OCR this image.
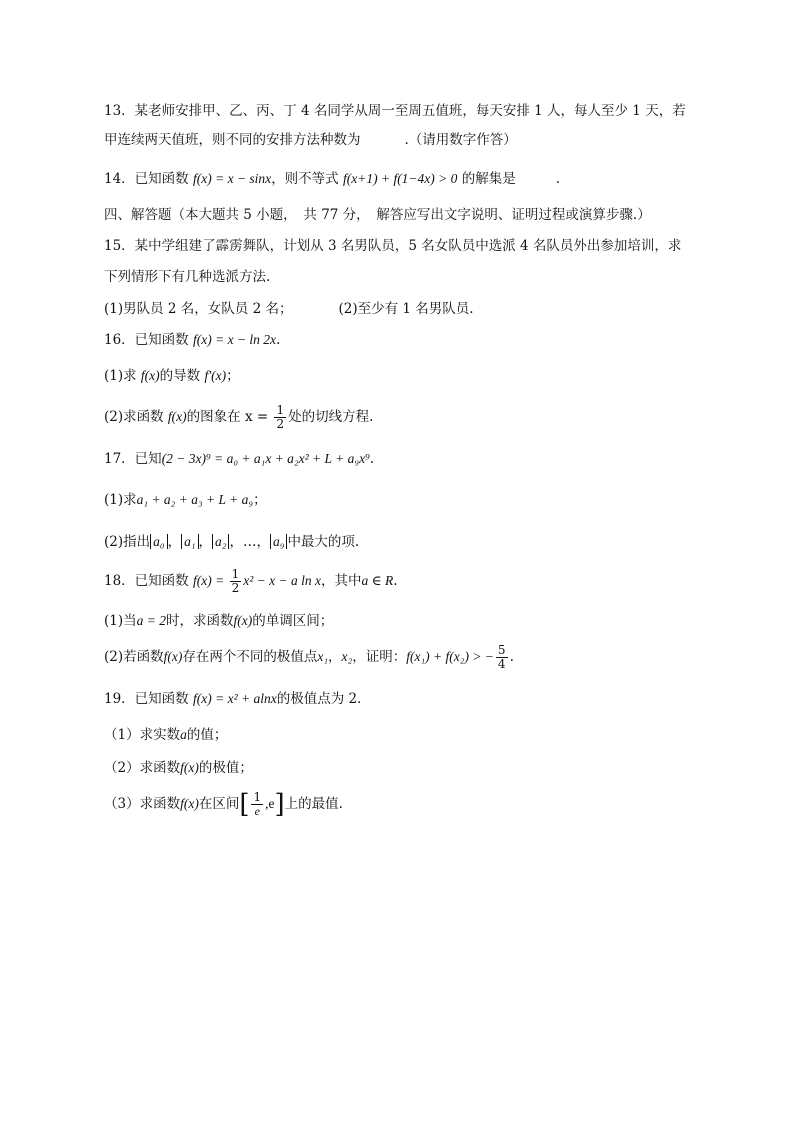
13．某老师安排甲、乙、丙、丁 4 名同学从周一至周五值班，每天安排 1 人，每人至少 1 天，若
甲连续两天值班，则不同的安排方法种数为	.（请用数字作答）
14．已知函数 f(x) = x − sinx，则不等式 f(x+1) + f(1−4x) > 0 的解集是	.
四、解答题（本大题共 5 小题，　共 77 分，　解答应写出文字说明、证明过程或演算步骤.）
15．某中学组建了霹雳舞队，计划从 3 名男队员，5 名女队员中选派 4 名队员外出参加培训，求
下列情形下有几种选派方法.
(1)男队员 2 名，女队员 2 名；	(2)至少有 1 名男队员.
16．已知函数 f(x) = x − ln 2x.
(1)求 f(x)的导数 f′(x)；
(2)求函数 f(x)的图象在 $x = \frac{1}{2}$ 处的切线方程.
17．已知(2 − 3x)⁹ = a₀ + a₁x + a₂x² + L + a₉x⁹.
(1)求a₁ + a₂ + a₃ + L + a₉；
(2)指出 a₀ ， a₁ ， a₂ ，…， a₉ 中最大的项.
18．已知函数 $f(x) = \frac{1}{2} x^2 - x - a$ ln x，其中a ∈ R.
(1)当a = 2时，求函数f(x)的单调区间；
(2)若函数f(x)存在两个不同的极值点x₁，x₂，证明：f(x₁) + f(x₂) > − $\frac{5}{4}$ .
19．已知函数 f(x) = x² + alnx的极值点为 2．
（1）求实数a的值；
（2）求函数f(x)的极值；
（3）求函数f(x)在区间[ $\frac{1}{e} ,e$]上的最值.
